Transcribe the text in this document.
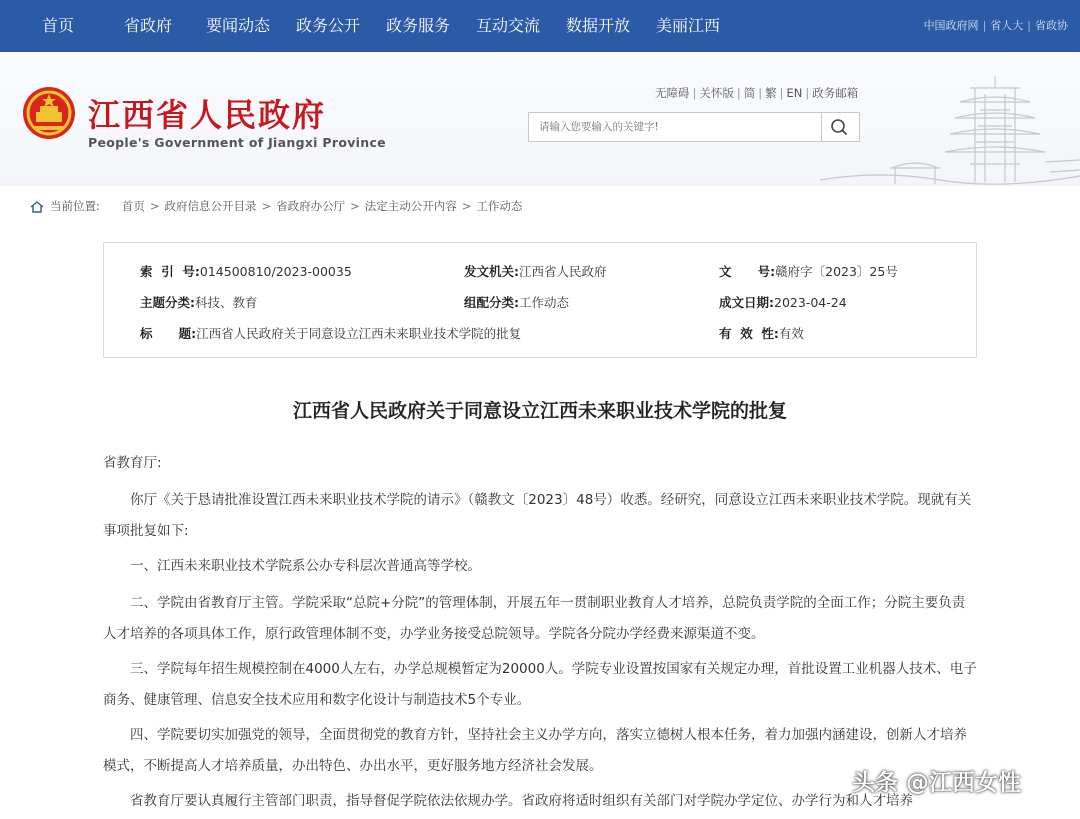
首页	省政府 要闻动态 政务公开 政务服务 互动交流 数据开放 美丽江西	中国政府网 | 省人大 | 省政协
江西省人民政府
People's Government of Jiangxi Province
无障碍 | 关怀版 | 简 | 繁 | EN | 政务邮箱
请输入您要输入的关键字!
当前位置: 首页 > 政府信息公开目录 > 省政府办公厅 > 法定主动公开内容 > 工作动态
索  引  号:014500810/2023-00035	发文机关:江西省人民政府	文      号:赣府字〔2023〕25号
主题分类:科技、教育	组配分类:工作动态	成文日期:2023-04-24
标      题:江西省人民政府关于同意设立江西未来职业技术学院的批复	有  效  性:有效
江西省人民政府关于同意设立江西未来职业技术学院的批复
省教育厅:
你厅《关于恳请批准设置江西未来职业技术学院的请示》（赣教文〔2023〕48号）收悉。经研究，同意设立江西未来职业技术学院。现就有关事项批复如下:
一、江西未来职业技术学院系公办专科层次普通高等学校。
二、学院由省教育厅主管。学院采取“总院+分院”的管理体制，开展五年一贯制职业教育人才培养，总院负责学院的全面工作；分院主要负责人才培养的各项具体工作，原行政管理体制不变，办学业务接受总院领导。学院各分院办学经费来源渠道不变。
三、学院每年招生规模控制在4000人左右，办学总规模暂定为20000人。学院专业设置按国家有关规定办理，首批设置工业机器人技术、电子商务、健康管理、信息安全技术应用和数字化设计与制造技术5个专业。
四、学院要切实加强党的领导，全面贯彻党的教育方针，坚持社会主义办学方向，落实立德树人根本任务，着力加强内涵建设，创新人才培养模式，不断提高人才培养质量，办出特色、办出水平，更好服务地方经济社会发展。
省教育厅要认真履行主管部门职责，指导督促学院依法依规办学。省政府将适时组织有关部门对学院办学定位、办学行为和人才培养
头条 @江西女性
